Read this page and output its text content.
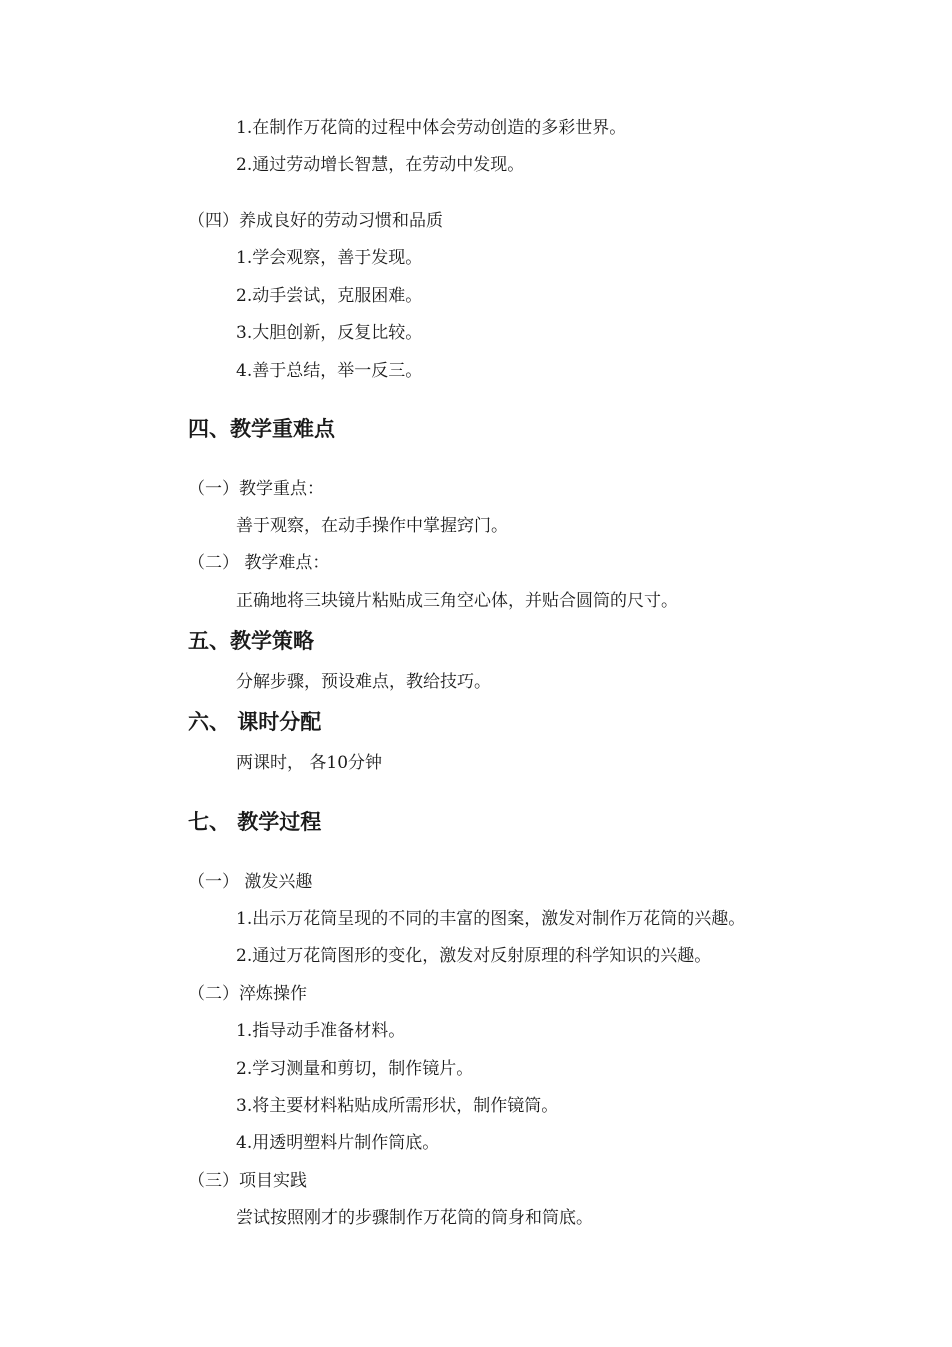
1.在制作万花筒的过程中体会劳动创造的多彩世界。
2.通过劳动增长智慧，在劳动中发现。
（四）养成良好的劳动习惯和品质
1.学会观察，善于发现。
2.动手尝试，克服困难。
3.大胆创新，反复比较。
4.善于总结，举一反三。
四、教学重难点
（一）教学重点：
善于观察，在动手操作中掌握窍门。
（二） 教学难点：
正确地将三块镜片粘贴成三角空心体，并贴合圆筒的尺寸。
五、教学策略
分解步骤，预设难点，教给技巧。
六、 课时分配
两课时， 各10分钟
七、 教学过程
（一） 激发兴趣
1.出示万花筒呈现的不同的丰富的图案，激发对制作万花筒的兴趣。
2.通过万花筒图形的变化，激发对反射原理的科学知识的兴趣。
（二）淬炼操作
1.指导动手准备材料。
2.学习测量和剪切，制作镜片。
3.将主要材料粘贴成所需形状，制作镜筒。
4.用透明塑料片制作筒底。
（三）项目实践
尝试按照刚才的步骤制作万花筒的筒身和筒底。
